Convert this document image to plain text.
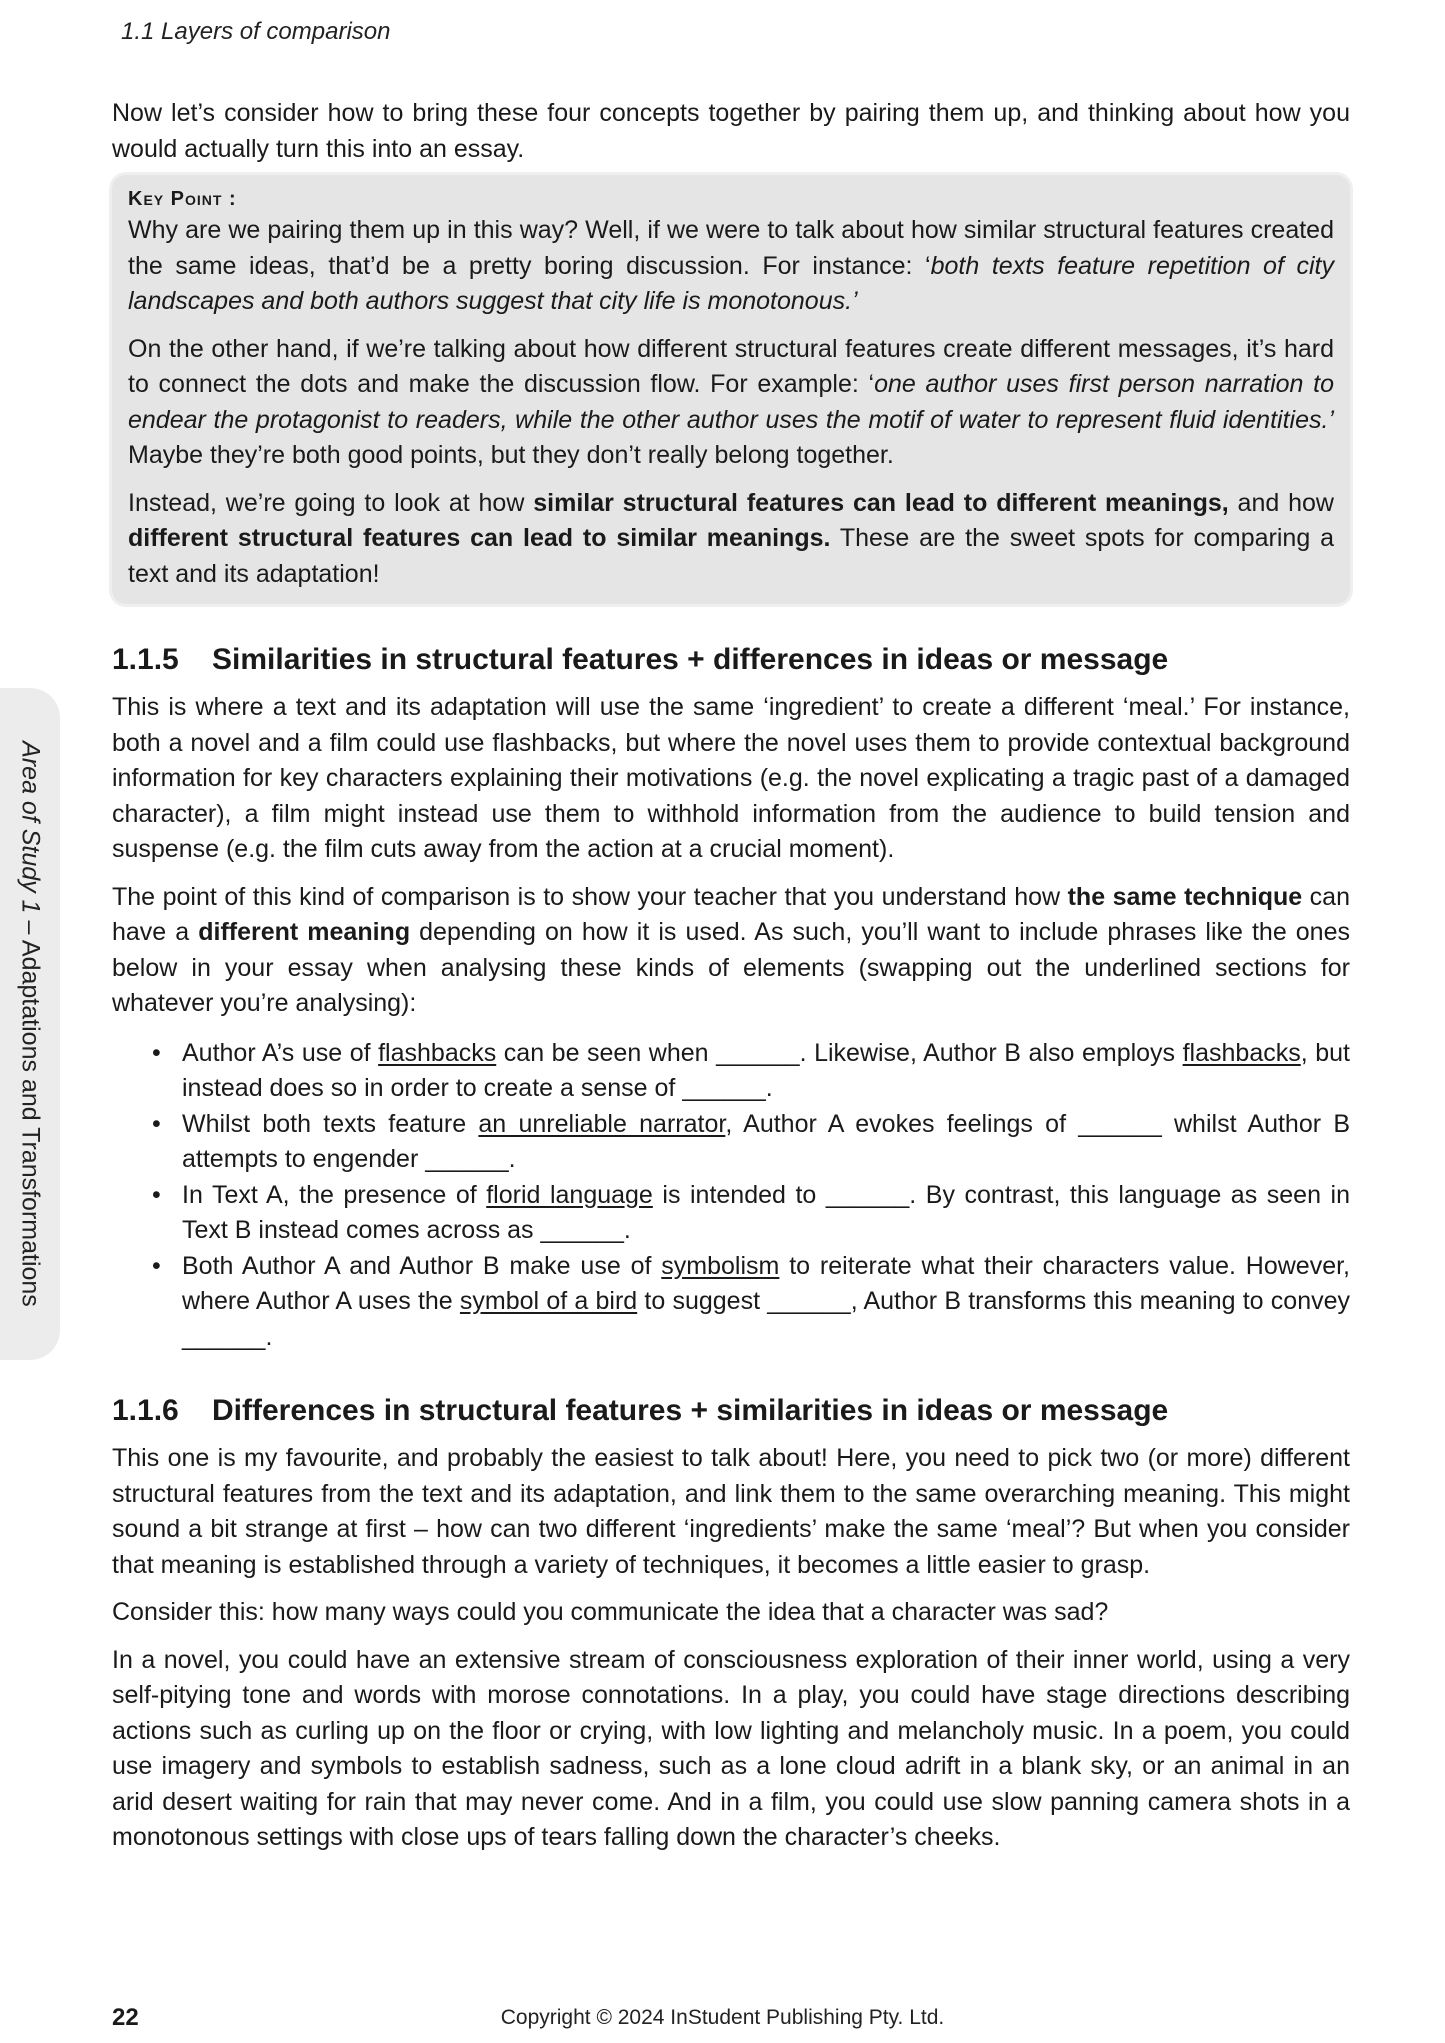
1.1 Layers of comparison
Area of Study 1 – Adaptations and Transformations

Now let’s consider how to bring these four concepts together by pairing them up, and thinking about how you would actually turn this into an essay.

Key Point :

Why are we pairing them up in this way? Well, if we were to talk about how similar structural features created the same ideas, that’d be a pretty boring discussion. For instance: ‘both texts feature repetition of city landscapes and both authors suggest that city life is monotonous.’

On the other hand, if we’re talking about how different structural features create different messages, it’s hard to connect the dots and make the discussion flow. For example: ‘one author uses first person narration to endear the protagonist to readers, while the other author uses the motif of water to represent fluid identities.’ Maybe they’re both good points, but they don’t really belong together.

Instead, we’re going to look at how similar structural features can lead to different meanings, and how different structural features can lead to similar meanings. These are the sweet spots for comparing a text and its adaptation!

1.1.5 Similarities in structural features + differences in ideas or message

This is where a text and its adaptation will use the same ‘ingredient’ to create a different ‘meal.’ For instance, both a novel and a film could use flashbacks, but where the novel uses them to provide contextual background information for key characters explaining their motivations (e.g. the novel explicating a tragic past of a damaged character), a film might instead use them to withhold information from the audience to build tension and suspense (e.g. the film cuts away from the action at a crucial moment).

The point of this kind of comparison is to show your teacher that you understand how the same technique can have a different meaning depending on how it is used. As such, you’ll want to include phrases like the ones below in your essay when analysing these kinds of elements (swapping out the underlined sections for whatever you’re analysing):

• Author A’s use of flashbacks can be seen when ______. Likewise, Author B also employs flashbacks, but instead does so in order to create a sense of ______.
• Whilst both texts feature an unreliable narrator, Author A evokes feelings of ______ whilst Author B attempts to engender ______.
• In Text A, the presence of florid language is intended to ______. By contrast, this language as seen in Text B instead comes across as ______.
• Both Author A and Author B make use of symbolism to reiterate what their characters value. However, where Author A uses the symbol of a bird to suggest ______, Author B transforms this meaning to convey ______.
1.1.6 Differences in structural features + similarities in ideas or message

This one is my favourite, and probably the easiest to talk about! Here, you need to pick two (or more) different structural features from the text and its adaptation, and link them to the same overarching meaning. This might sound a bit strange at first – how can two different ‘ingredients’ make the same ‘meal’? But when you consider that meaning is established through a variety of techniques, it becomes a little easier to grasp.

Consider this: how many ways could you communicate the idea that a character was sad?

In a novel, you could have an extensive stream of consciousness exploration of their inner world, using a very self-pitying tone and words with morose connotations. In a play, you could have stage directions describing actions such as curling up on the floor or crying, with low lighting and melancholy music. In a poem, you could use imagery and symbols to establish sadness, such as a lone cloud adrift in a blank sky, or an animal in an arid desert waiting for rain that may never come. And in a film, you could use slow panning camera shots in a monotonous settings with close ups of tears falling down the character’s cheeks.

22	Copyright © 2024 InStudent Publishing Pty. Ltd.
